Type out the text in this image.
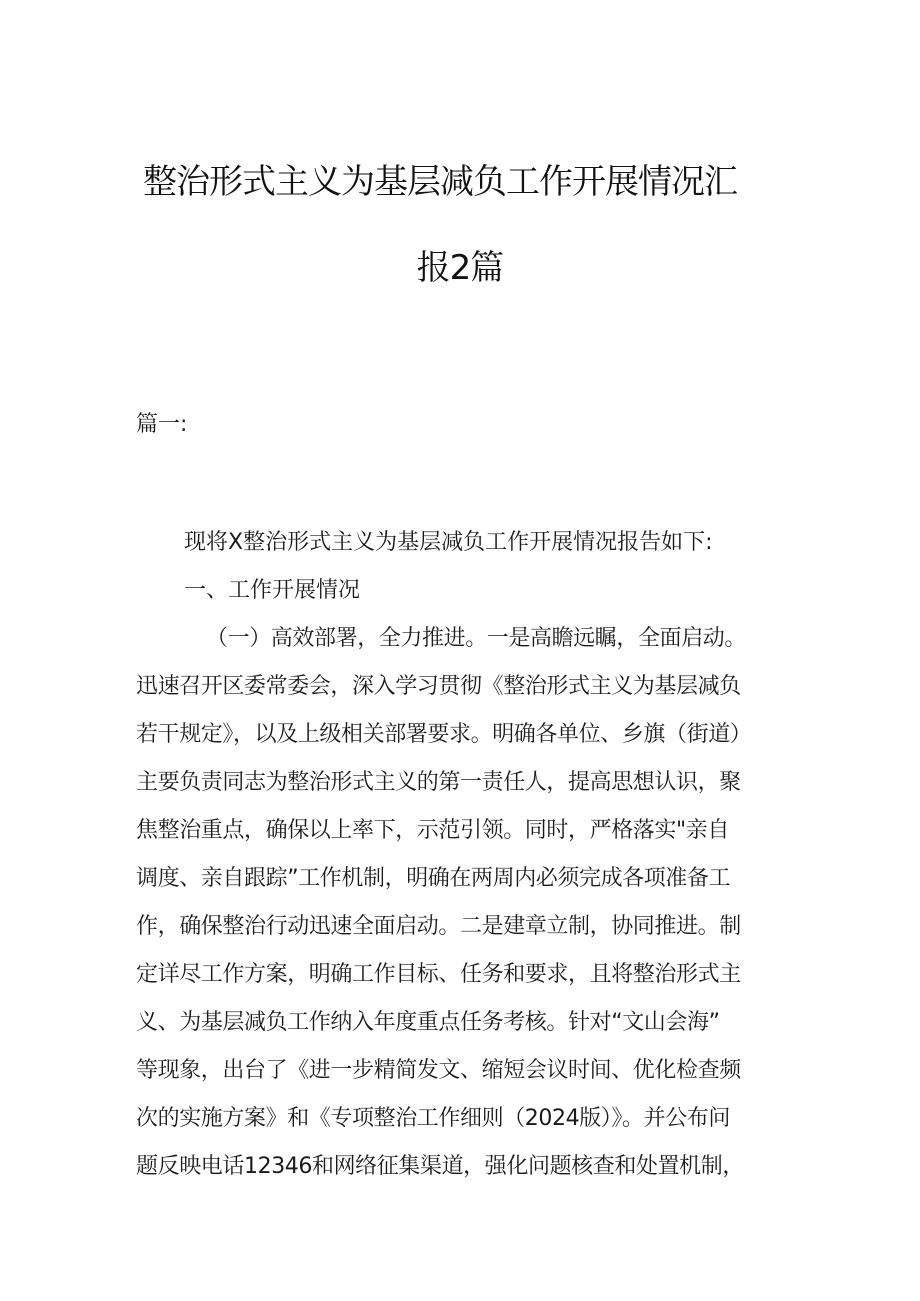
整治形式主义为基层减负工作开展情况汇
报2篇
篇一:
现将X整治形式主义为基层减负工作开展情况报告如下:
一、工作开展情况
（一）高效部署，全力推进。一是高瞻远瞩，全面启动。
迅速召开区委常委会，深入学习贯彻《整治形式主义为基层减负
若干规定》，以及上级相关部署要求。明确各单位、乡旗（街道）
主要负责同志为整治形式主义的第一责任人，提高思想认识，聚
焦整治重点，确保以上率下，示范引领。同时，严格落实"亲自
调度、亲自跟踪”工作机制，明确在两周内必须完成各项准备工
作，确保整治行动迅速全面启动。二是建章立制，协同推进。制
定详尽工作方案，明确工作目标、任务和要求，且将整治形式主
义、为基层减负工作纳入年度重点任务考核。针对“文山会海”
等现象，出台了《进一步精简发文、缩短会议时间、优化检查频
次的实施方案》和《专项整治工作细则（2024版）》。并公布问
题反映电话12346和网络征集渠道，强化问题核查和处置机制，
